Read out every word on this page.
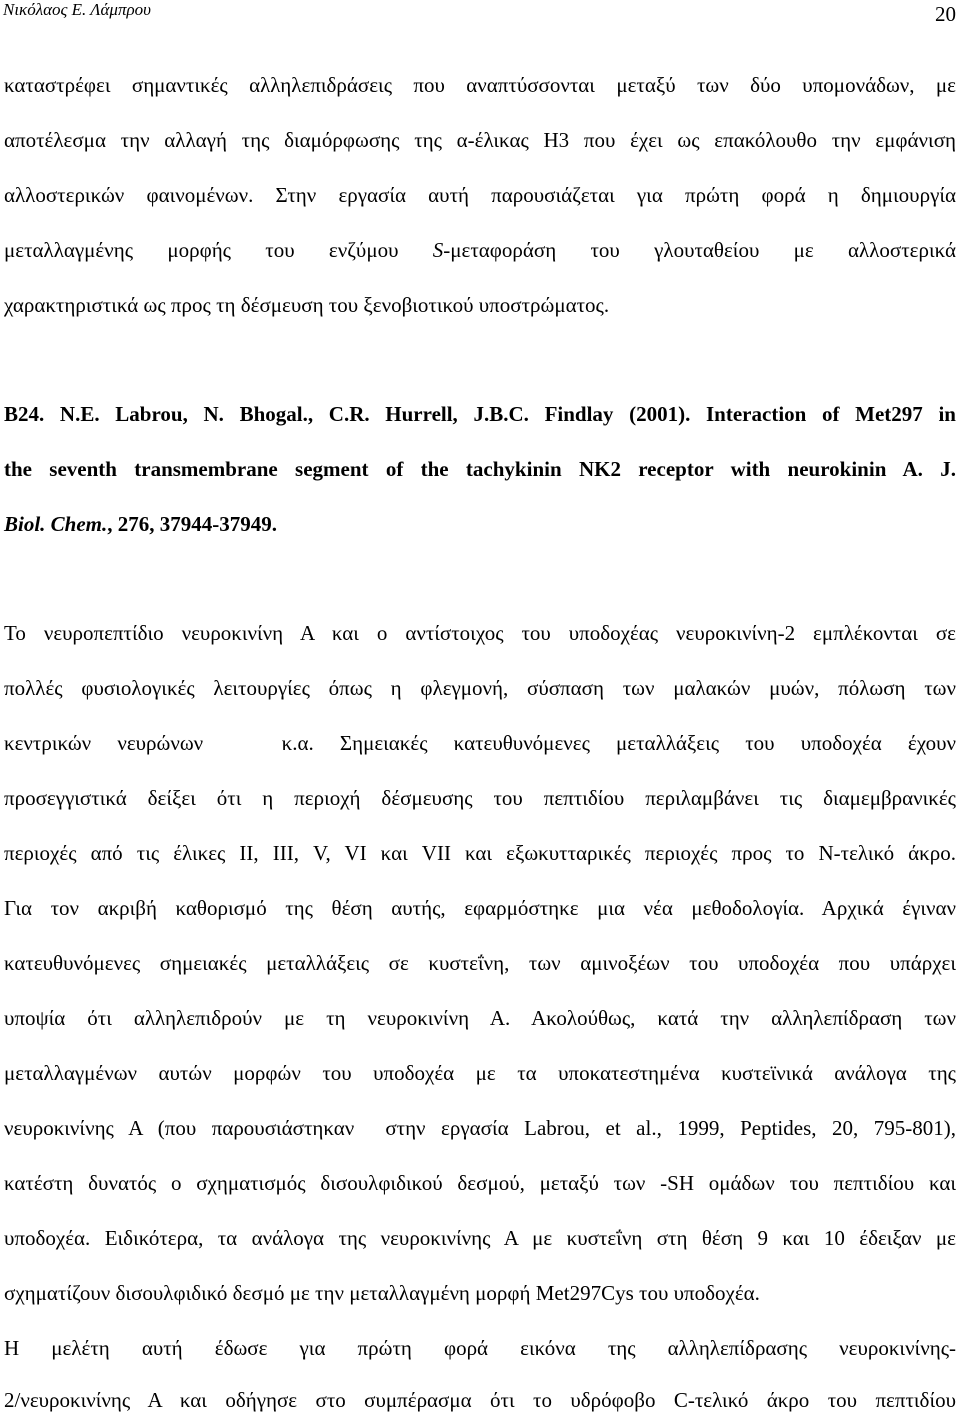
Νικόλαος Ε. Λάμπρου	20
καταστρέφει σημαντικές αλληλεπιδράσεις που αναπτύσσονται μεταξύ των δύο υπομονάδων, με
αποτέλεσμα την αλλαγή της διαμόρφωσης της α-έλικας Η3 που έχει ως επακόλουθο την εμφάνιση
αλλοστερικών φαινομένων. Στην εργασία αυτή παρουσιάζεται για πρώτη φορά η δημιουργία
μεταλλαγμένης μορφής του ενζύμου S-μεταφοράση του γλουταθείου με αλλοστερικά
χαρακτηριστικά ως προς τη δέσμευση του ξενοβιοτικού υποστρώματος.
B24. N.E. Labrou, N. Bhogal., C.R. Hurrell, J.B.C. Findlay (2001). Interaction of Met297 in
the seventh transmembrane segment of the tachykinin NK2 receptor with neurokinin A. J.
Biol. Chem., 276, 37944-37949.
Το νευροπεπτίδιο νευροκινίνη Α και ο αντίστοιχος του υποδοχέας νευροκινίνη-2 εμπλέκονται σε
πολλές φυσιολογικές λειτουργίες όπως η φλεγμονή, σύσπαση των μαλακών μυών, πόλωση των
κεντρικών νευρώνων   κ.α. Σημειακές κατευθυνόμενες μεταλλάξεις του υποδοχέα έχουν
προσεγγιστικά δείξει ότι η περιοχή δέσμευσης του πεπτιδίου περιλαμβάνει τις διαμεμβρανικές
περιοχές από τις έλικες ΙΙ, ΙΙΙ, V, VI και VII και εξωκυτταρικές περιοχές προς το Ν-τελικό άκρο.
Για τον ακριβή καθορισμό της θέση αυτής, εφαρμόστηκε μια νέα μεθοδολογία. Αρχικά έγιναν
κατευθυνόμενες σημειακές μεταλλάξεις σε κυστεΐνη, των αμινοξέων του υποδοχέα που υπάρχει
υποψία ότι αλληλεπιδρούν με τη νευροκινίνη Α. Ακολούθως, κατά την αλληλεπίδραση των
μεταλλαγμένων αυτών μορφών του υποδοχέα με τα υποκατεστημένα κυστεϊνικά ανάλογα της
νευροκινίνης Α (που παρουσιάστηκαν  στην εργασία Labrou, et al., 1999, Peptides, 20, 795-801),
κατέστη δυνατός ο σχηματισμός δισουλφιδικού δεσμού, μεταξύ των -SH ομάδων του πεπτιδίου και
υποδοχέα. Ειδικότερα, τα ανάλογα της νευροκινίνης Α με κυστεΐνη στη θέση 9 και 10 έδειξαν με
σχηματίζουν δισουλφιδικό δεσμό με την μεταλλαγμένη μορφή Met297Cys του υποδοχέα.
Η μελέτη αυτή έδωσε για πρώτη φορά εικόνα της αλληλεπίδρασης νευροκινίνης-
2/νευροκινίνης Α και οδήγησε στο συμπέρασμα ότι το υδρόφοβο C-τελικό άκρο του πεπτιδίου
